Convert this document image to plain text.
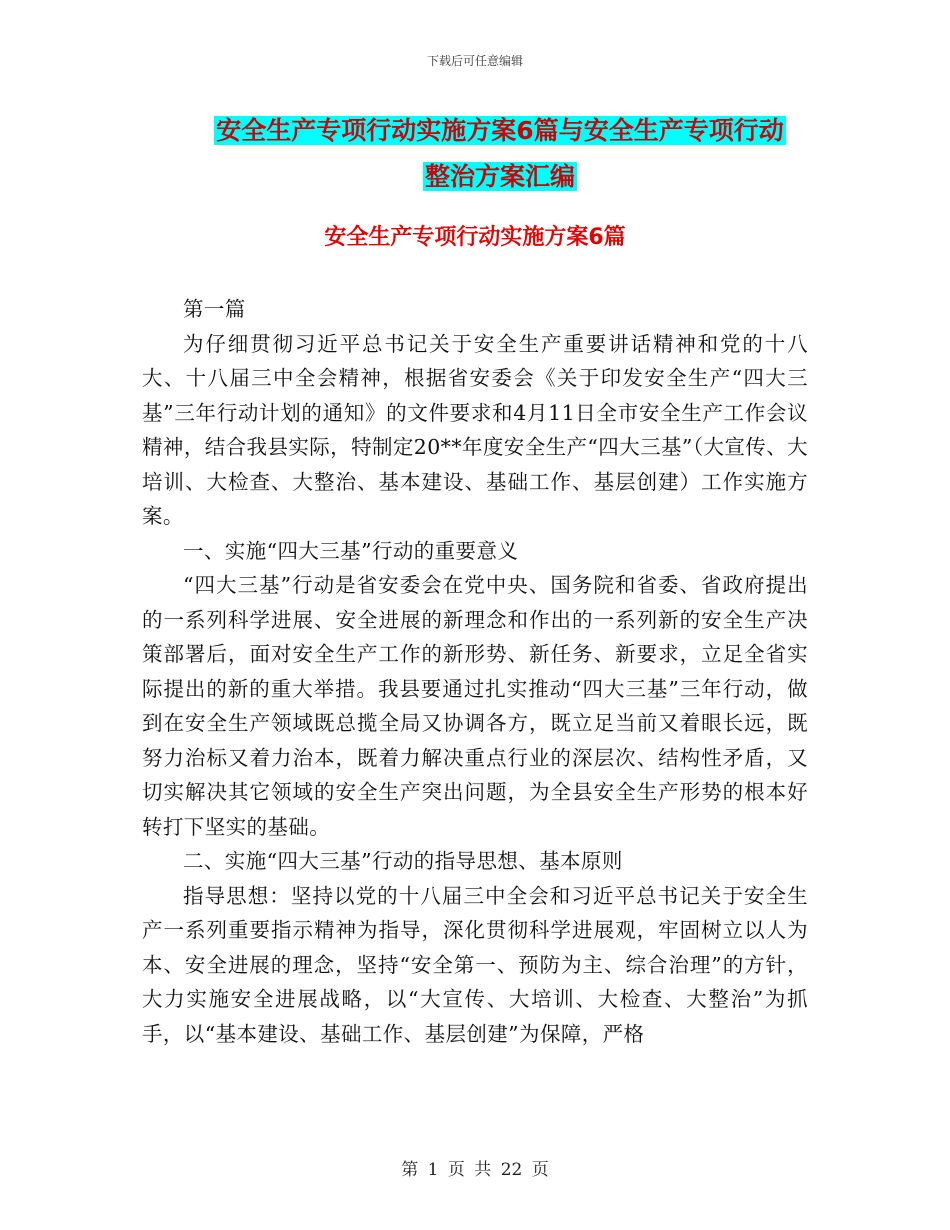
下载后可任意编辑
安全生产专项行动实施方案6篇与安全生产专项行动
整治方案汇编
安全生产专项行动实施方案6篇

第一篇

为仔细贯彻习近平总书记关于安全生产重要讲话精神和党的十八大、十八届三中全会精神，根据省安委会《关于印发安全生产“四大三基”三年行动计划的通知》的文件要求和4月11日全市安全生产工作会议精神，结合我县实际，特制定20**年度安全生产“四大三基”（大宣传、大培训、大检查、大整治、基本建设、基础工作、基层创建）工作实施方案。

一、实施“四大三基”行动的重要意义

“四大三基”行动是省安委会在党中央、国务院和省委、省政府提出的一系列科学进展、安全进展的新理念和作出的一系列新的安全生产决策部署后，面对安全生产工作的新形势、新任务、新要求，立足全省实际提出的新的重大举措。我县要通过扎实推动“四大三基”三年行动，做到在安全生产领域既总揽全局又协调各方，既立足当前又着眼长远，既努力治标又着力治本，既着力解决重点行业的深层次、结构性矛盾，又切实解决其它领域的安全生产突出问题，为全县安全生产形势的根本好转打下坚实的基础。

二、实施“四大三基”行动的指导思想、基本原则

指导思想：坚持以党的十八届三中全会和习近平总书记关于安全生产一系列重要指示精神为指导，深化贯彻科学进展观，牢固树立以人为本、安全进展的理念，坚持“安全第一、预防为主、综合治理”的方针，大力实施安全进展战略，以“大宣传、大培训、大检查、大整治”为抓手，以“基本建设、基础工作、基层创建”为保障，严格

第 1 页 共 22 页
